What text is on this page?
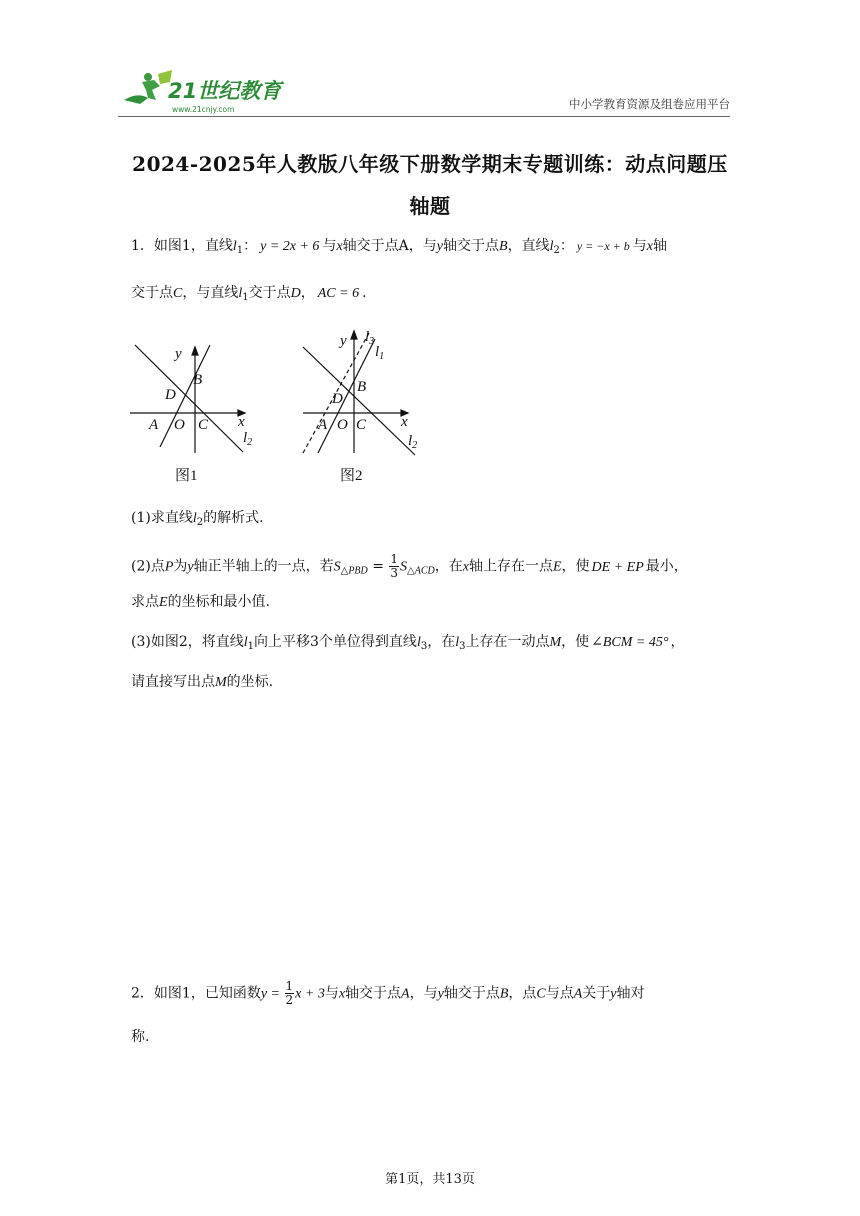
21世纪教育
www.21cnjy.com	中小学教育资源及组卷应用平台
2024-2025年人教版八年级下册数学期末专题训练：动点问题压
轴题
1．如图1，直线$l_1$： y = 2x + 6 与x轴交于点A，与y轴交于点B，直线$l_2$： y = −x + b 与x轴
交于点C，与直线$l_1$交于点D， AC = 6 .
y
x
B
D
A O C
$l_2$
图1
y $l_3$
$l_1$
B
D
x
A O C
$l_2$
图2
(1)求直线$l_2$的解析式.
(2)点P为y轴正半轴上的一点，若$S_{\triangle PBD} = \frac{1}{3} S_{\triangle ACD}$，在x轴上存在一点E，使 DE + EP 最小，
求点E的坐标和最小值.
(3)如图2，将直线$l_1$向上平移3个单位得到直线$l_3$，在$l_3$上存在一动点M，使 ∠BCM = 45° ，
请直接写出点M的坐标.
2．如图1，已知函数$y = \frac{1}{2}$ x + 3与x轴交于点A，与y轴交于点B，点C与点A关于y轴对
称.
第1页，共13页
